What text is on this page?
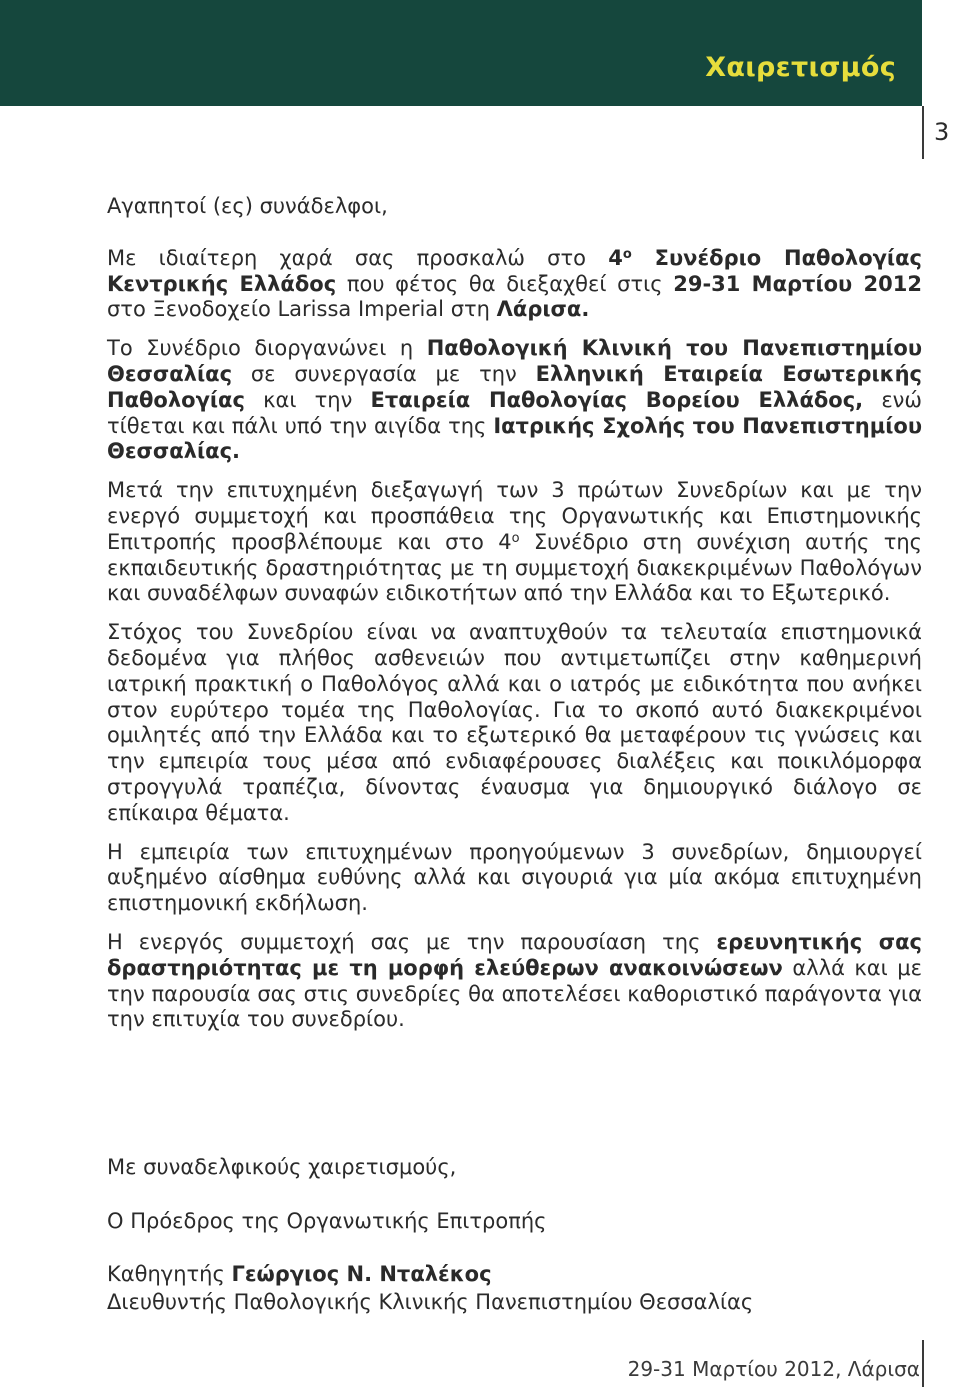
Χαιρετισμός
3

Αγαπητοί (ες) συνάδελφοι,

Με ιδιαίτερη χαρά σας προσκαλώ στο $4^o$ Συνέδριο Παθολογίας Κεντρικής Ελλάδος που φέτος θα διεξαχθεί στις 29-31 Μαρτίου 2012 στο Ξενοδοχείο Larissa Imperial στη Λάρισα.

Το Συνέδριο διοργανώνει η Παθολογική Κλινική του Πανεπιστημίου Θεσσαλίας σε συνεργασία με την Ελληνική Εταιρεία Εσωτερικής Παθολογίας και την Εταιρεία Παθολογίας Βορείου Ελλάδος, ενώ τίθεται και πάλι υπό την αιγίδα της Ιατρικής Σχολής του Πανεπιστημίου Θεσσαλίας.

Μετά την επιτυχημένη διεξαγωγή των 3 πρώτων Συνεδρίων και με την ενεργό συμμετοχή και προσπάθεια της Οργανωτικής και Επιστημονικής Επιτροπής προσβλέπουμε και στο $4^o$ Συνέδριο στη συνέχιση αυτής της εκπαιδευτικής δραστηριότητας με τη συμμετοχή διακεκριμένων Παθολόγων και συναδέλφων συναφών ειδικοτήτων από την Ελλάδα και το Εξωτερικό.

Στόχος του Συνεδρίου είναι να αναπτυχθούν τα τελευταία επιστημονικά δεδομένα για πλήθος ασθενειών που αντιμετωπίζει στην καθημερινή ιατρική πρακτική ο Παθολόγος αλλά και ο ιατρός με ειδικότητα που ανήκει στον ευρύτερο τομέα της Παθολογίας. Για το σκοπό αυτό διακεκριμένοι ομιλητές από την Ελλάδα και το εξωτερικό θα μεταφέρουν τις γνώσεις και την εμπειρία τους μέσα από ενδιαφέρουσες διαλέξεις και ποικιλόμορφα στρογγυλά τραπέζια, δίνοντας έναυσμα για δημιουργικό διάλογο σε επίκαιρα θέματα.

Η εμπειρία των επιτυχημένων προηγούμενων 3 συνεδρίων, δημιουργεί αυξημένο αίσθημα ευθύνης αλλά και σιγουριά για μία ακόμα επιτυχημένη επιστημονική εκδήλωση.

Η ενεργός συμμετοχή σας με την παρουσίαση της ερευνητικής σας δραστηριότητας με τη μορφή ελεύθερων ανακοινώσεων αλλά και με την παρουσία σας στις συνεδρίες θα αποτελέσει καθοριστικό παράγοντα για την επιτυχία του συνεδρίου.

Με συναδελφικούς χαιρετισμούς,
Ο Πρόεδρος της Οργανωτικής Επιτροπής
Καθηγητής Γεώργιος Ν. Νταλέκος
Διευθυντής Παθολογικής Κλινικής Πανεπιστημίου Θεσσαλίας
29-31 Μαρτίου 2012, Λάρισα
